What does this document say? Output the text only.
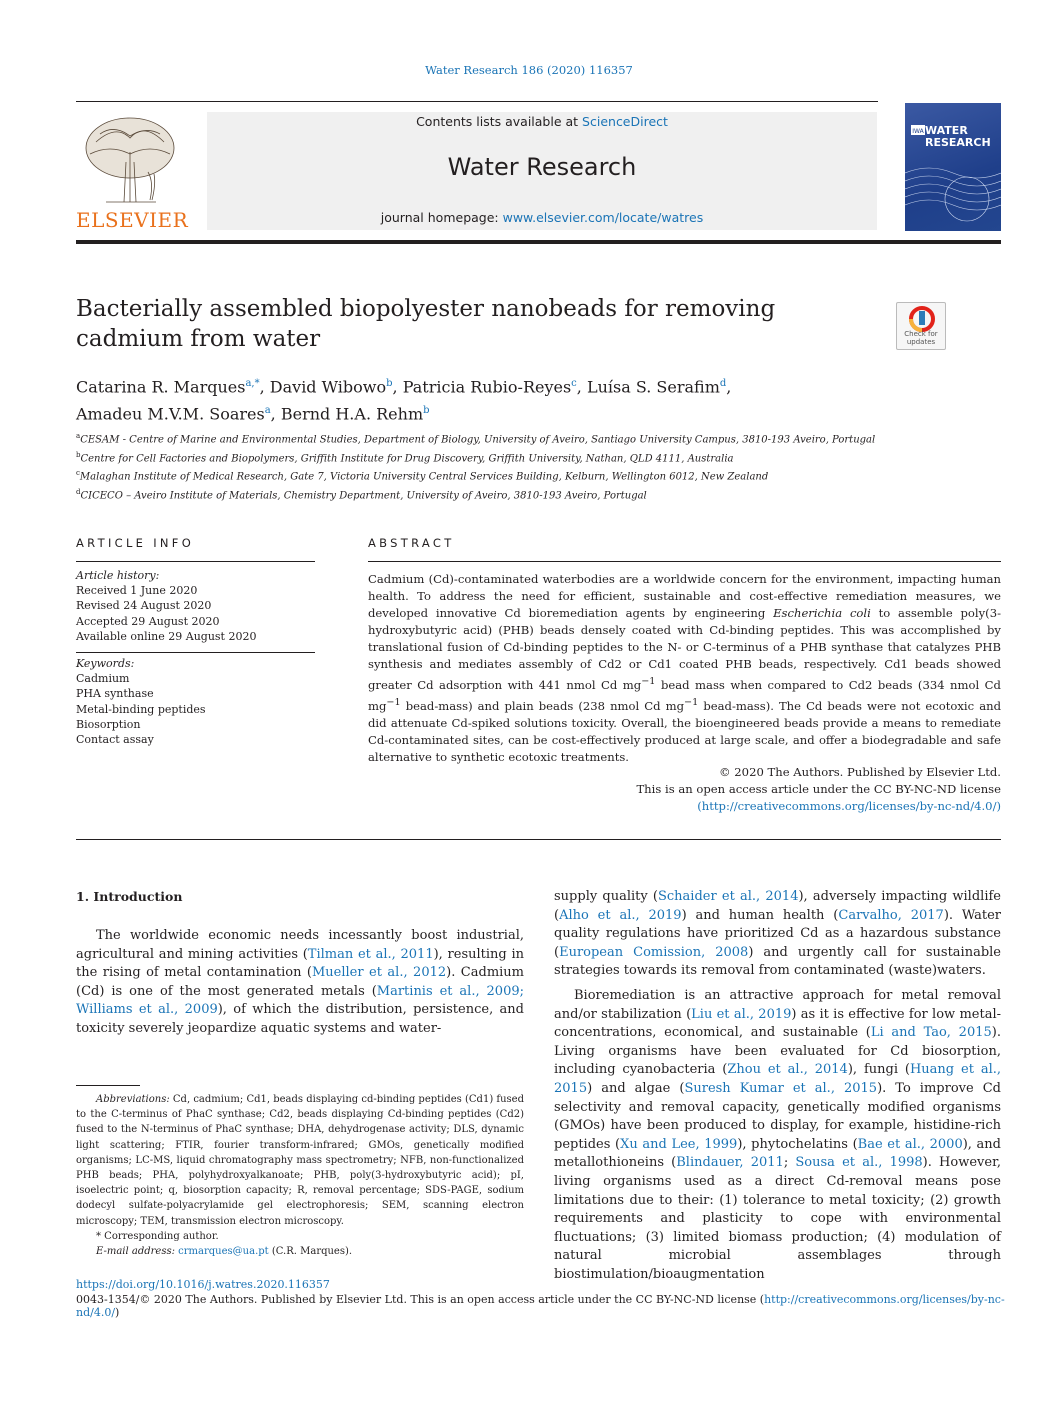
Water Research 186 (2020) 116357
ELSEVIER
Contents lists available at ScienceDirect
Water Research
journal homepage: www.elsevier.com/locate/watres
IWA WATER RESEARCH
Bacterially assembled biopolyester nanobeads for removing cadmium from water	Check for updates
Catarina R. Marques$^{a,*}$, David Wibowo$^b$, Patricia Rubio-Reyes$^c$, Luísa S. Serafim$^d$,
Amadeu M.V.M. Soares$^a$, Bernd H.A. Rehm$^b$
$^a$CESAM - Centre of Marine and Environmental Studies, Department of Biology, University of Aveiro, Santiago University Campus, 3810-193 Aveiro, Portugal
$^b$Centre for Cell Factories and Biopolymers, Griffith Institute for Drug Discovery, Griffith University, Nathan, QLD 4111, Australia
$^c$Malaghan Institute of Medical Research, Gate 7, Victoria University Central Services Building, Kelburn, Wellington 6012, New Zealand
$^d$CICECO – Aveiro Institute of Materials, Chemistry Department, University of Aveiro, 3810-193 Aveiro, Portugal
ARTICLE INFO
Article history:
Received 1 June 2020
Revised 24 August 2020
Accepted 29 August 2020
Available online 29 August 2020
Keywords:
Cadmium
PHA synthase
Metal-binding peptides
Biosorption
Contact assay
ABSTRACT
Cadmium (Cd)-contaminated waterbodies are a worldwide concern for the environment, impacting human health. To address the need for efficient, sustainable and cost-effective remediation measures, we developed innovative Cd bioremediation agents by engineering Escherichia coli to assemble poly(3-hydroxybutyric acid) (PHB) beads densely coated with Cd-binding peptides. This was accomplished by translational fusion of Cd-binding peptides to the N- or C-terminus of a PHB synthase that catalyzes PHB synthesis and mediates assembly of Cd2 or Cd1 coated PHB beads, respectively. Cd1 beads showed greater Cd adsorption with 441 nmol Cd $mg^{-1}$ bead mass when compared to Cd2 beads (334 nmol Cd $mg^{-1}$ bead-mass) and plain beads (238 nmol Cd $mg^{-1}$ bead-mass). The Cd beads were not ecotoxic and did attenuate Cd-spiked solutions toxicity. Overall, the bioengineered beads provide a means to remediate Cd-contaminated sites, can be cost-effectively produced at large scale, and offer a biodegradable and safe alternative to synthetic ecotoxic treatments.
© 2020 The Authors. Published by Elsevier Ltd.
This is an open access article under the CC BY-NC-ND license
(http://creativecommons.org/licenses/by-nc-nd/4.0/)
1. Introduction
The worldwide economic needs incessantly boost industrial, agricultural and mining activities (Tilman et al., 2011), resulting in the rising of metal contamination (Mueller et al., 2012). Cadmium (Cd) is one of the most generated metals (Martinis et al., 2009; Williams et al., 2009), of which the distribution, persistence, and toxicity severely jeopardize aquatic systems and water-
supply quality (Schaider et al., 2014), adversely impacting wildlife (Alho et al., 2019) and human health (Carvalho, 2017). Water quality regulations have prioritized Cd as a hazardous substance (European Comission, 2008) and urgently call for sustainable strategies towards its removal from contaminated (waste)waters.
Bioremediation is an attractive approach for metal removal and/or stabilization (Liu et al., 2019) as it is effective for low metal-concentrations, economical, and sustainable (Li and Tao, 2015). Living organisms have been evaluated for Cd biosorption, including cyanobacteria (Zhou et al., 2014), fungi (Huang et al., 2015) and algae (Suresh Kumar et al., 2015). To improve Cd selectivity and removal capacity, genetically modified organisms (GMOs) have been produced to display, for example, histidine-rich peptides (Xu and Lee, 1999), phytochelatins (Bae et al., 2000), and metallothioneins (Blindauer, 2011; Sousa et al., 1998). However, living organisms used as a direct Cd-removal means pose limitations due to their: (1) tolerance to metal toxicity; (2) growth requirements and plasticity to cope with environmental fluctuations; (3) limited biomass production; (4) modulation of natural microbial assemblages through biostimulation/bioaugmentation
Abbreviations: Cd, cadmium; Cd1, beads displaying cd-binding peptides (Cd1) fused to the C-terminus of PhaC synthase; Cd2, beads displaying Cd-binding peptides (Cd2) fused to the N-terminus of PhaC synthase; DHA, dehydrogenase activity; DLS, dynamic light scattering; FTIR, fourier transform-infrared; GMOs, genetically modified organisms; LC-MS, liquid chromatography mass spectrometry; NFB, non-functionalized PHB beads; PHA, polyhydroxyalkanoate; PHB, poly(3-hydroxybutyric acid); pI, isoelectric point; q, biosorption capacity; R, removal percentage; SDS-PAGE, sodium dodecyl sulfate-polyacrylamide gel electrophoresis; SEM, scanning electron microscopy; TEM, transmission electron microscopy.
* Corresponding author.
E-mail address: crmarques@ua.pt (C.R. Marques).
https://doi.org/10.1016/j.watres.2020.116357
0043-1354/© 2020 The Authors. Published by Elsevier Ltd. This is an open access article under the CC BY-NC-ND license (http://creativecommons.org/licenses/by-nc-nd/4.0/)
